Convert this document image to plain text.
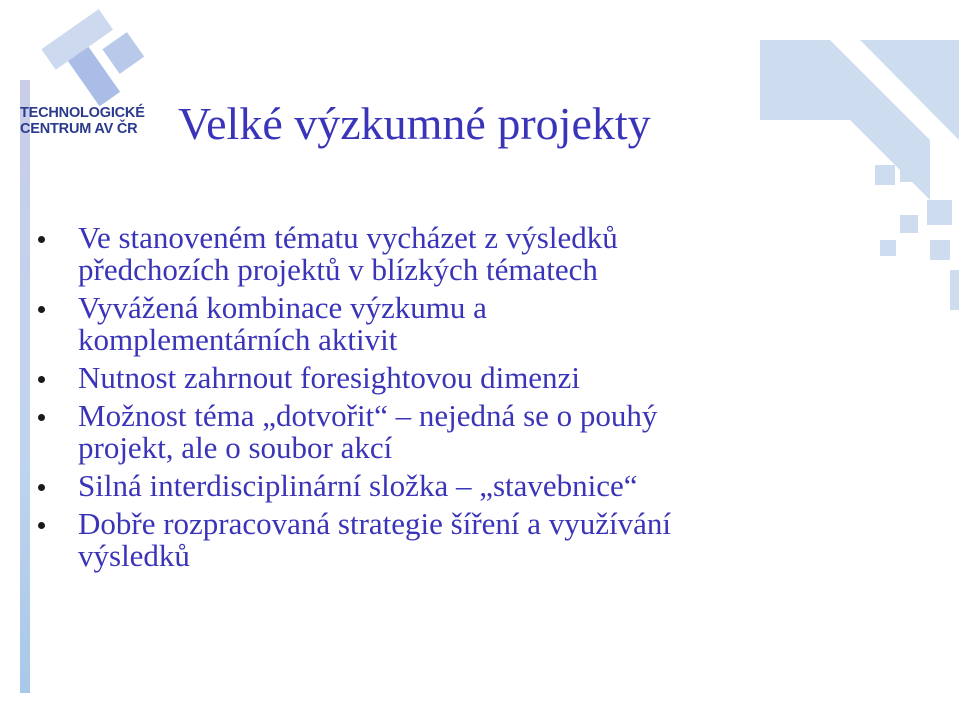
TECHNOLOGICKÉ
CENTRUM AV ČR Velké výzkumné projekty
Ve stanoveném tématu vycházet z výsledků
předchozích projektů v blízkých tématech
Vyvážená kombinace výzkumu a
komplementárních aktivit
Nutnost zahrnout foresightovou dimenzi
Možnost téma „dotvořit“ – nejedná se o pouhý
projekt, ale o soubor akcí
Silná interdisciplinární složka – „stavebnice“
Dobře rozpracovaná strategie šíření a využívání
výsledků
